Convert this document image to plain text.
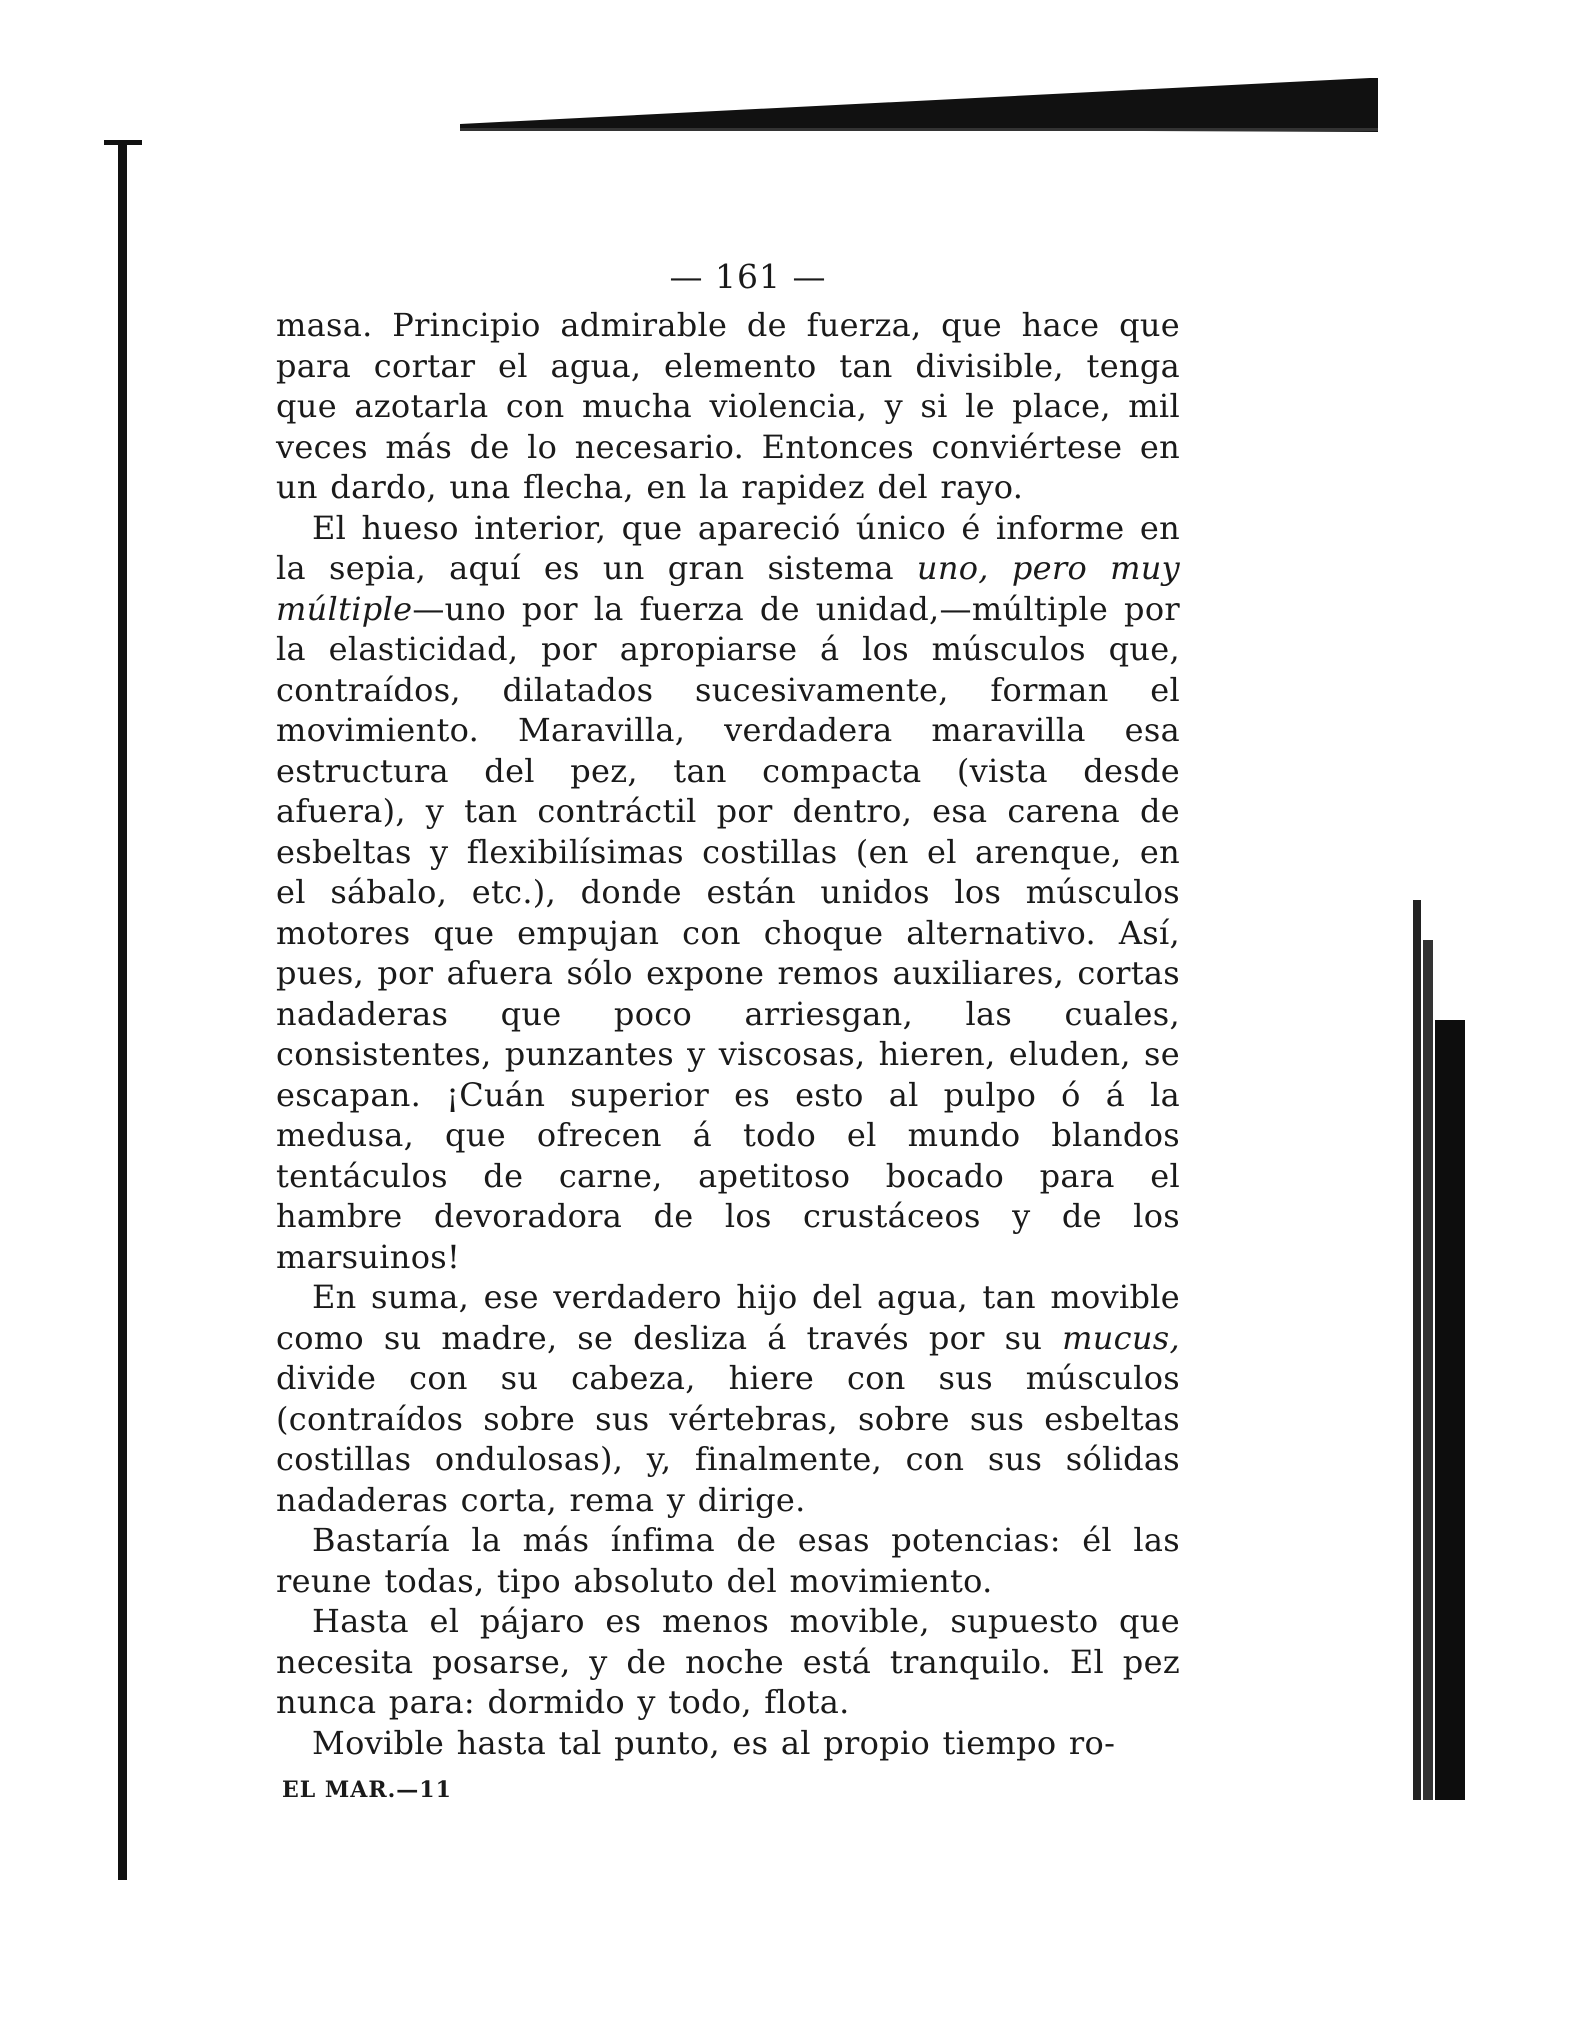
— 161 —

masa. Principio admirable de fuerza, que hace que para cortar el agua, elemento tan divisible, tenga que azotarla con mucha violencia, y si le place, mil veces más de lo necesario. Entonces conviértese en un dardo, una flecha, en la rapidez del rayo.

El hueso interior, que apareció único é informe en la sepia, aquí es un gran sistema uno, pero muy múltiple—uno por la fuerza de unidad,—múltiple por la elasticidad, por apropiarse á los músculos que, contraídos, dilatados sucesivamente, forman el movimiento. Maravilla, verdadera maravilla esa estructura del pez, tan compacta (vista desde afuera), y tan contráctil por dentro, esa carena de esbeltas y flexibilísimas costillas (en el arenque, en el sábalo, etc.), donde están unidos los músculos motores que empujan con choque alternativo. Así, pues, por afuera sólo expone remos auxiliares, cortas nadaderas que poco arriesgan, las cuales, consistentes, punzantes y viscosas, hieren, eluden, se escapan. ¡Cuán superior es esto al pulpo ó á la medusa, que ofrecen á todo el mundo blandos tentáculos de carne, apetitoso bocado para el hambre devoradora de los crustáceos y de los marsuinos!

En suma, ese verdadero hijo del agua, tan movible como su madre, se desliza á través por su mucus, divide con su cabeza, hiere con sus músculos (contraídos sobre sus vértebras, sobre sus esbeltas costillas ondulosas), y, finalmente, con sus sólidas nadaderas corta, rema y dirige.

Bastaría la más ínfima de esas potencias: él las reune todas, tipo absoluto del movimiento.

Hasta el pájaro es menos movible, supuesto que necesita posarse, y de noche está tranquilo. El pez nunca para: dormido y todo, flota.

Movible hasta tal punto, es al propio tiempo ro-

EL MAR.—11
